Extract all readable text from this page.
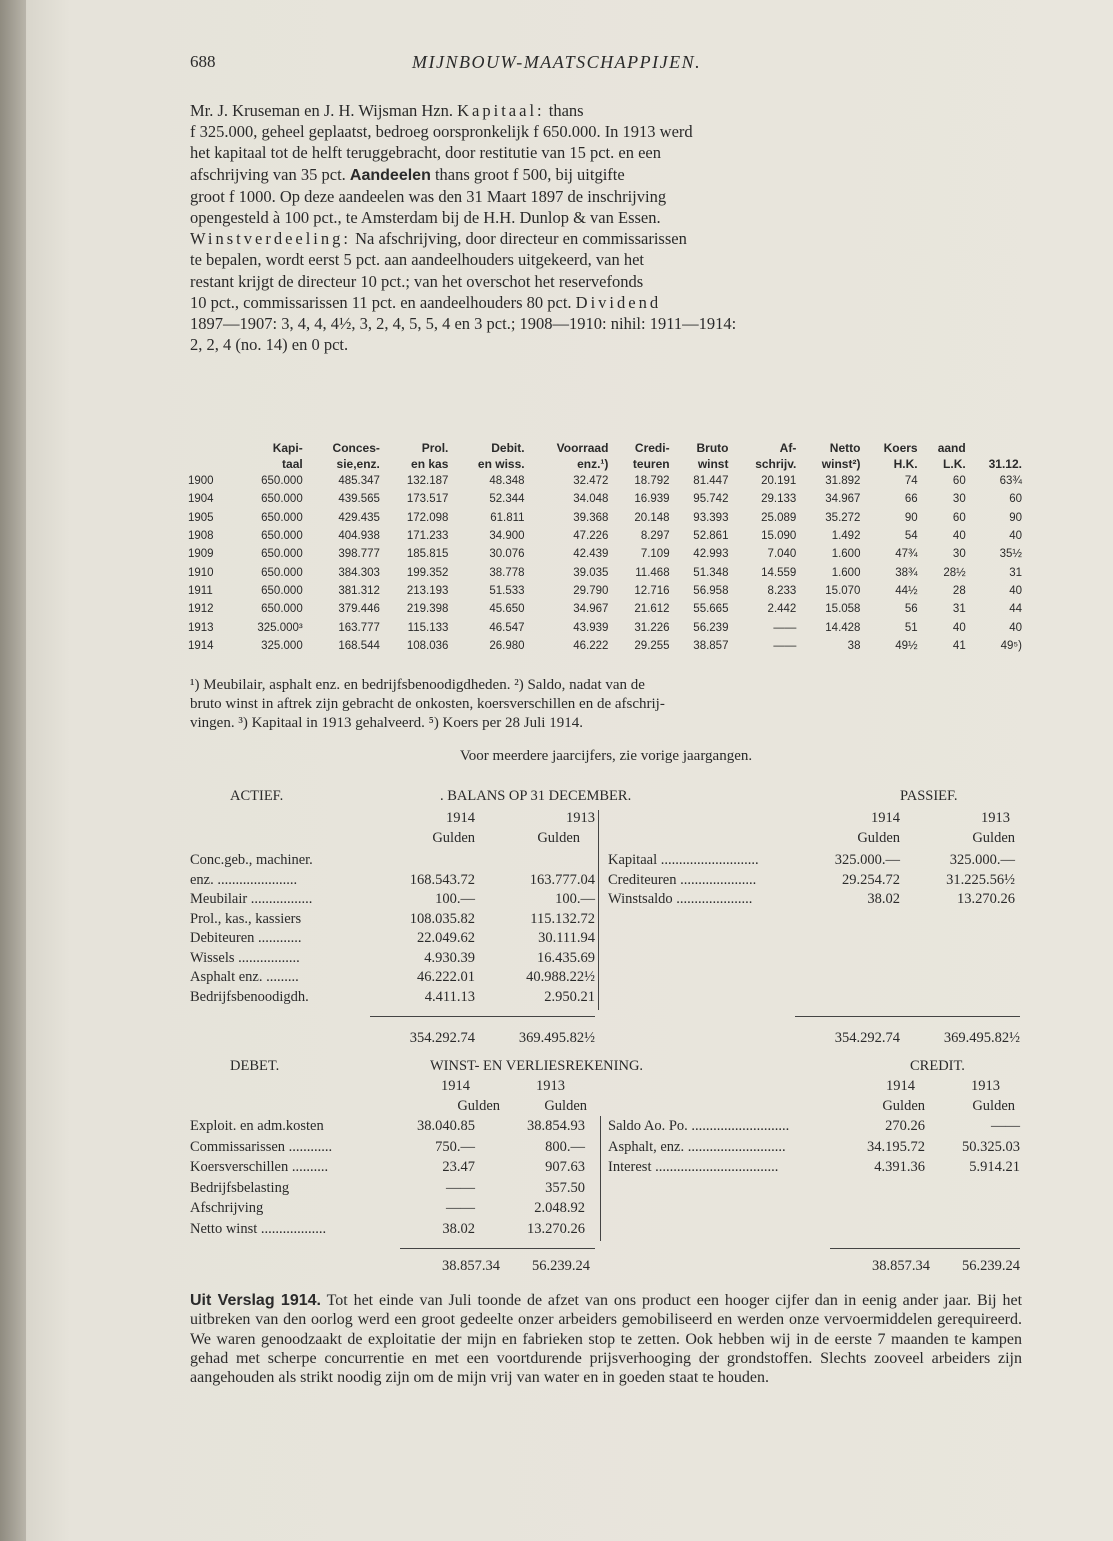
688	MIJNBOUW-MAATSCHAPPIJEN.
Mr. J. Kruseman en J. H. Wijsman Hzn. Kapitaal: thans
f 325.000, geheel geplaatst, bedroeg oorspronkelijk f 650.000. In 1913 werd
het kapitaal tot de helft teruggebracht, door restitutie van 15 pct. en een
afschrijving van 35 pct. Aandeelen thans groot f 500, bij uitgifte
groot f 1000. Op deze aandeelen was den 31 Maart 1897 de inschrijving
opengesteld à 100 pct., te Amsterdam bij de H.H. Dunlop & van Essen.
Winstverdeeling: Na afschrijving, door directeur en commissarissen
te bepalen, wordt eerst 5 pct. aan aandeelhouders uitgekeerd, van het
restant krijgt de directeur 10 pct.; van het overschot het reservefonds
10 pct., commissarissen 11 pct. en aandeelhouders 80 pct. Dividend
1897—1907: 3, 4, 4, 4½, 3, 2, 4, 5, 5, 4 en 3 pct.; 1908—1910: nihil: 1911—1914:
2, 2, 4 (no. 14) en 0 pct.
	Kapi-	Conces-	Prol.	Debit.	Voorraad	Credi-	Bruto	Af-	Netto	Koers	aand	
	taal	sie,enz.	en kas	en wiss.	enz.¹)	teuren	winst	schrijv.	winst²)	H.K.	L.K.	31.12.
1900	650.000	485.347	132.187	48.348	32.472	18.792	81.447	20.191	31.892	74	60	63¾
1904	650.000	439.565	173.517	52.344	34.048	16.939	95.742	29.133	34.967	66	30	60
1905	650.000	429.435	172.098	61.811	39.368	20.148	93.393	25.089	35.272	90	60	90
1908	650.000	404.938	171.233	34.900	47.226	8.297	52.861	15.090	1.492	54	40	40
1909	650.000	398.777	185.815	30.076	42.439	7.109	42.993	7.040	1.600	47¾	30	35½
1910	650.000	384.303	199.352	38.778	39.035	11.468	51.348	14.559	1.600	38¾	28½	31
1911	650.000	381.312	213.193	51.533	29.790	12.716	56.958	8.233	15.070	44½	28	40
1912	650.000	379.446	219.398	45.650	34.967	21.612	55.665	2.442	15.058	56	31	44
1913	325.000³	163.777	115.133	46.547	43.939	31.226	56.239	——	14.428	51	40	40
1914	325.000	168.544	108.036	26.980	46.222	29.255	38.857	——	38	49½	41	49⁵)
¹) Meubilair, asphalt enz. en bedrijfsbenoodigdheden. ²) Saldo, nadat van de
bruto winst in aftrek zijn gebracht de onkosten, koersverschillen en de afschrij-
vingen. ³) Kapitaal in 1913 gehalveerd. ⁵) Koers per 28 Juli 1914.
Voor meerdere jaarcijfers, zie vorige jaargangen.
ACTIEF.	. BALANS OP 31 DECEMBER.	PASSIEF.
1914	1913
Gulden	Gulden
1914	1913
Gulden	Gulden
Conc.geb., machiner.
enz. ......................	168.543.72	163.777.04
Meubilair .................	100.—	100.—
Prol., kas., kassiers	108.035.82	115.132.72
Debiteuren ............	22.049.62	30.111.94
Wissels .................	4.930.39	16.435.69
Asphalt enz. .........	46.222.01	40.988.22½
Bedrijfsbenoodigdh.	4.411.13	2.950.21
Kapitaal ...........................	325.000.—	325.000.—
Crediteuren .....................	29.254.72	31.225.56½
Winstsaldo .....................	38.02	13.270.26
354.292.74	369.495.82½	354.292.74	369.495.82½
DEBET.	WINST- EN VERLIESREKENING.	CREDIT.
1914	1913
Gulden	Gulden
1914	1913
Gulden	Gulden
Exploit. en adm.kosten	38.040.85	38.854.93
Commissarissen ............	750.—	800.—
Koersverschillen ..........	23.47	907.63
Bedrijfsbelasting	——	357.50
Afschrijving	——	2.048.92
Netto winst ..................	38.02	13.270.26
Saldo Ao. Po. ...........................	270.26	——
Asphalt, enz. ...........................	34.195.72	50.325.03
Interest ..................................	4.391.36	5.914.21
38.857.34	56.239.24	38.857.34	56.239.24
Uit Verslag 1914. Tot het einde van Juli toonde de afzet van ons product een hooger cijfer dan in eenig ander jaar. Bij het uitbreken van den oorlog werd een groot gedeelte onzer arbeiders gemobiliseerd en werden onze vervoermiddelen gerequireerd. We waren genoodzaakt de exploitatie der mijn en fabrieken stop te zetten. Ook hebben wij in de eerste 7 maanden te kampen gehad met scherpe concurrentie en met een voortdurende prijsverhooging der grondstoffen. Slechts zooveel arbeiders zijn aangehouden als strikt noodig zijn om de mijn vrij van water en in goeden staat te houden.
